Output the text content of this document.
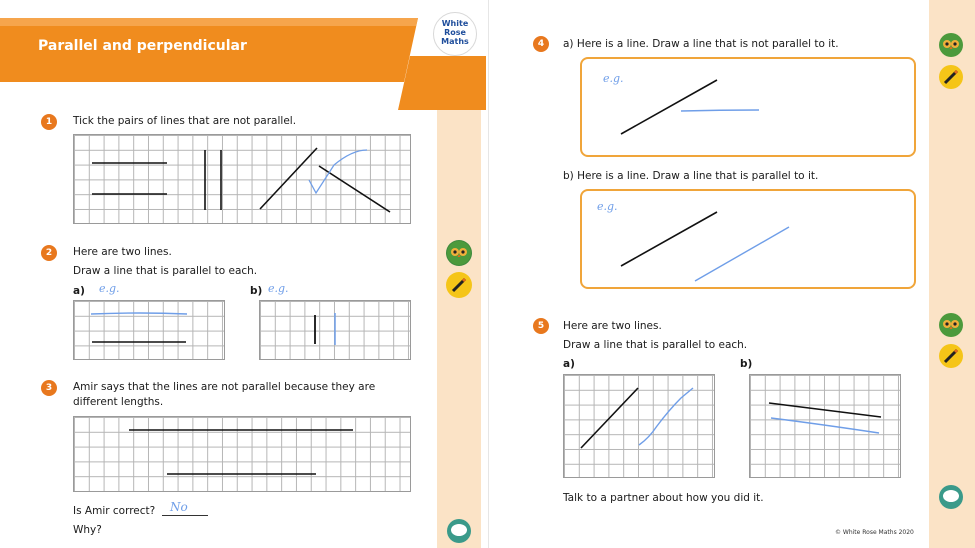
Parallel and perpendicular
White
Rose
Maths
1	Tick the pairs of lines that are not parallel.
2	Here are two lines.
Draw a line that is parallel to each.
a) e.g.	b) e.g.
3	Amir says that the lines are not parallel because they are
different lengths.
Is Amir correct? No
Why?
4	a) Here is a line. Draw a line that is not parallel to it.
e.g.
b) Here is a line. Draw a line that is parallel to it.
e.g.
5	Here are two lines.
Draw a line that is parallel to each.
a)	b)
Talk to a partner about how you did it.
© White Rose Maths 2020
